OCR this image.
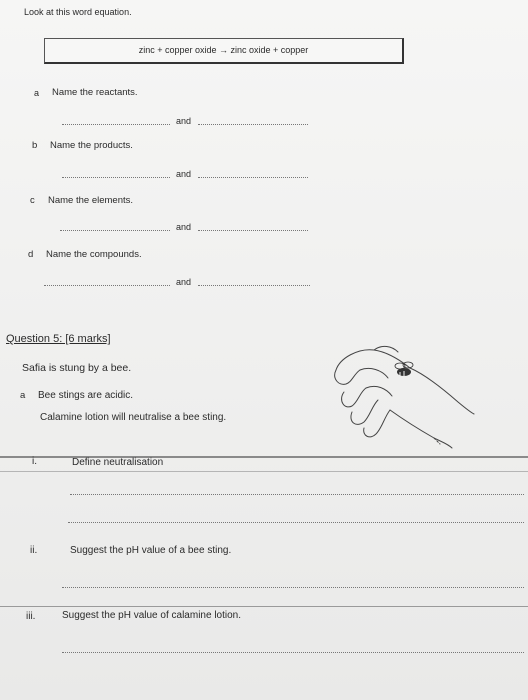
Look at this word equation.
zinc + copper oxide → zinc oxide + copper
a Name the reactants.
and
b Name the products.
and
c Name the elements.
and
d Name the compounds.
and
Question 5: [6 marks]
Safia is stung by a bee.
a Bee stings are acidic.
Calamine lotion will neutralise a bee sting.
i.	Define neutralisation
ii.	Suggest the pH value of a bee sting.
iii.	Suggest the pH value of calamine lotion.
